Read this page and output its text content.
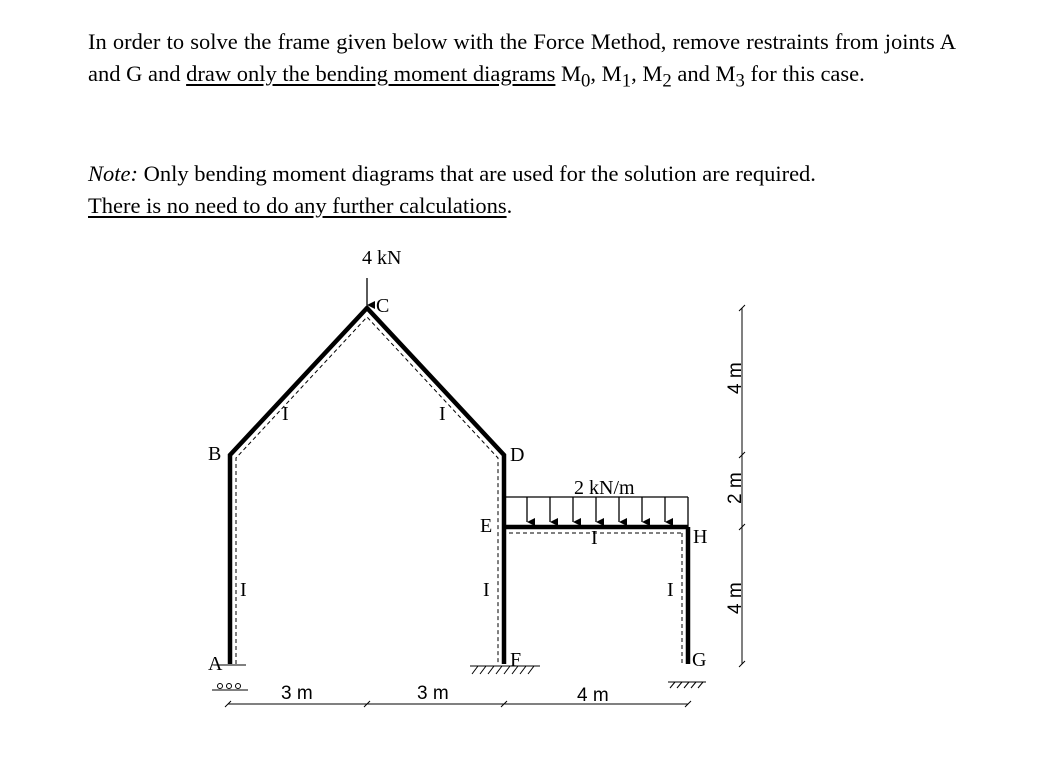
In order to solve the frame given below with the Force Method, remove restraints from joints A and G and draw only the bending moment diagrams $M_0$, $M_1$, $M_2$ and $M_3$ for this case.
Note: Only bending moment diagrams that are used for the solution are required.
There is no need to do any further calculations.
4 kN
2 kN/m
A
B
C
D
E
F	G
H
I
I	I
I
I
I
3 m	3 m	4 m
4 m
2 m
4 m
